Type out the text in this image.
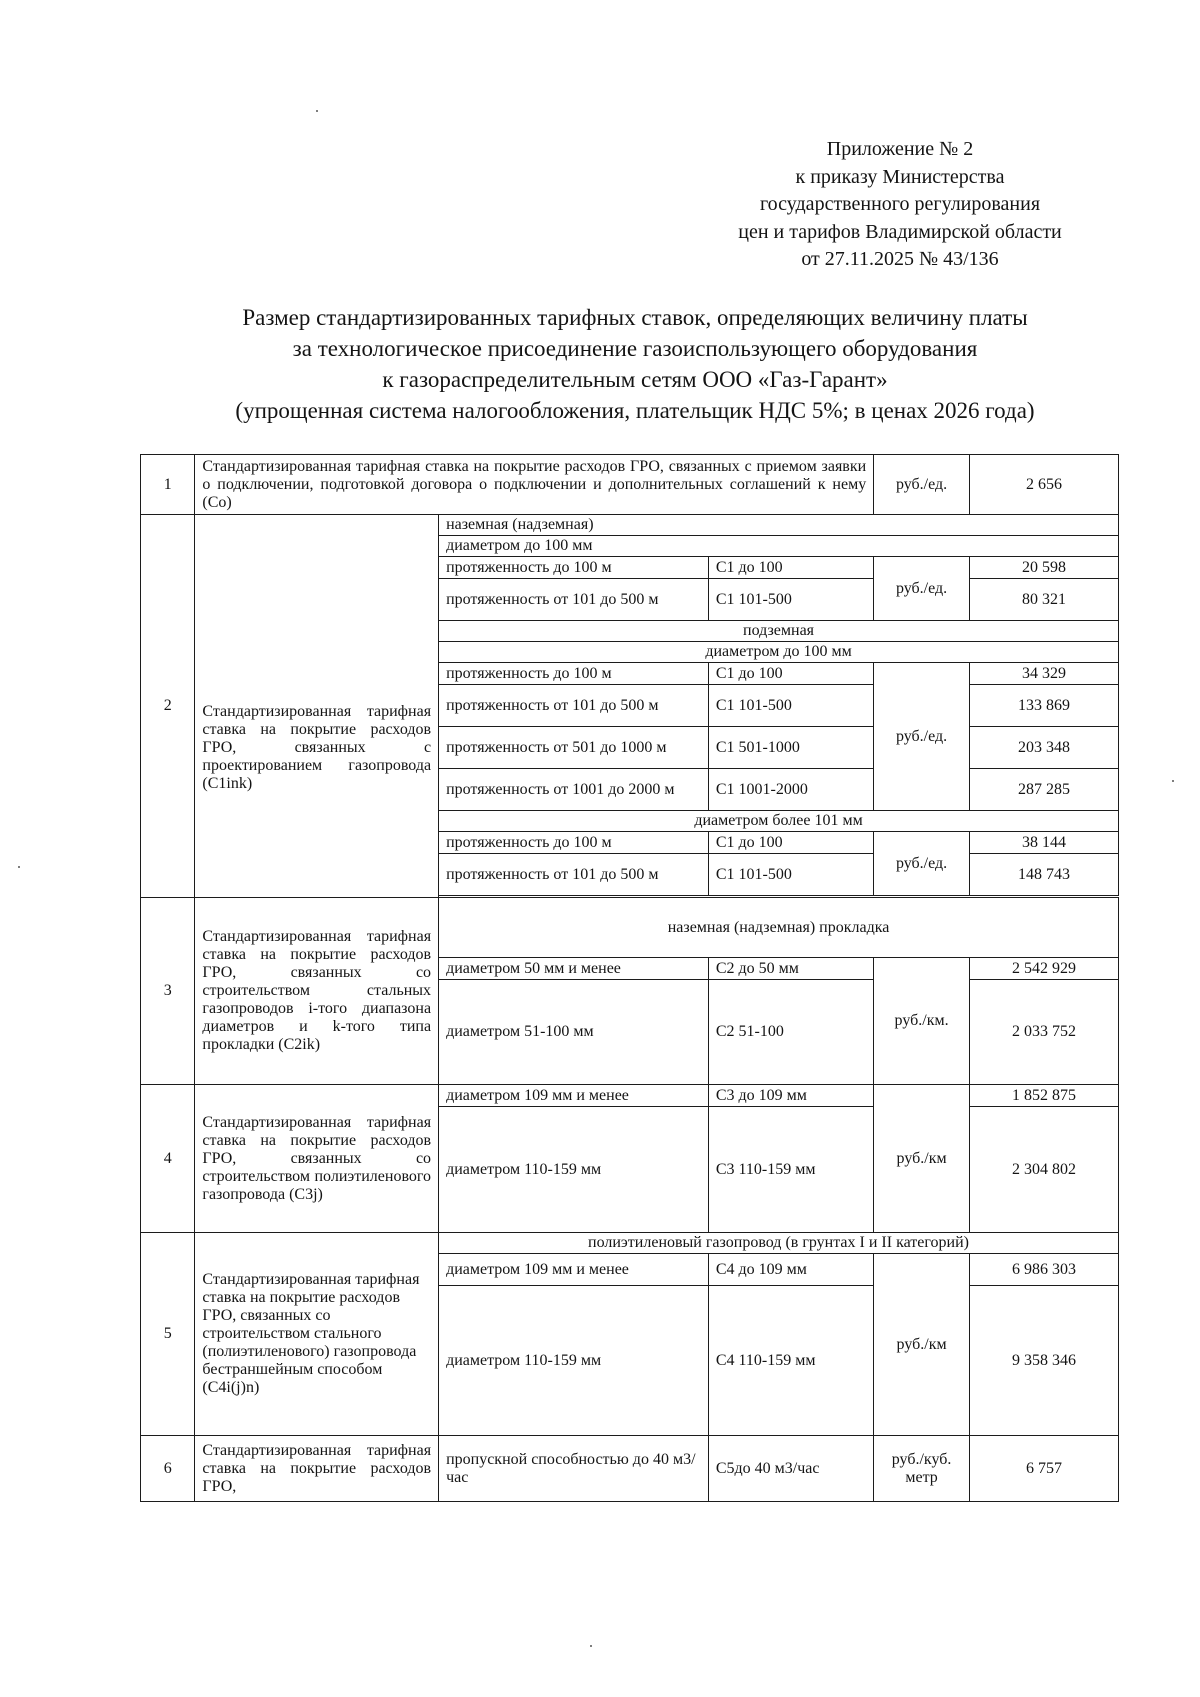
Приложение № 2
к приказу Министерства
государственного регулирования
цен и тарифов Владимирской области
от 27.11.2025 № 43/136
Размер стандартизированных тарифных ставок, определяющих величину платы
за технологическое присоединение газоиспользующего оборудования
к газораспределительным сетям ООО «Газ-Гарант»
(упрощенная система налогообложения, плательщик НДС 5%; в ценах 2026 года)
1	Стандартизированная тарифная ставка на покрытие расходов ГРО, связанных с приемом заявки о подключении, подготовкой договора о подключении и дополнительных соглашений к нему (Со)			руб./ед.	2 656
2	Стандартизированная тарифная ставка на покрытие расходов ГРО, связанных с проектированием газопровода (C1ink)	наземная (надземная)			
		диаметром до 100 мм			
		протяженность до 100 м	С1 до 100	руб./ед.	20 598
		протяженность от 101 до 500 м	С1 101-500		80 321
		подземная			
		диаметром до 100 мм			
		протяженность до 100 м	С1 до 100	руб./ед.	34 329
		протяженность от 101 до 500 м	С1 101-500		133 869
		протяженность от 501 до 1000 м	С1 501-1000		203 348
		протяженность от 1001 до 2000 м	С1 1001-2000		287 285
		диаметром более 101 мм			
		протяженность до 100 м	С1 до 100	руб./ед.	38 144
		протяженность от 101 до 500 м	С1 101-500		148 743

3	Стандартизированная тарифная ставка на покрытие расходов ГРО, связанных со строительством стальных газопроводов i-того диапазона диаметров и k-того типа прокладки (C2ik)	наземная (надземная) прокладка			
		диаметром 50 мм и менее	С2 до 50 мм	руб./км.	2 542 929
		диаметром 51-100 мм	С2 51-100		2 033 752
4	Стандартизированная тарифная ставка на покрытие расходов ГРО, связанных со строительством полиэтиленового газопровода (C3j)	диаметром 109 мм и менее	С3 до 109 мм	руб./км	1 852 875
		диаметром 110-159 мм	С3 110-159 мм		2 304 802
5	Стандартизированная тарифная ставка на покрытие расходов ГРО, связанных со строительством стального (полиэтиленового) газопровода бестраншейным способом (C4i(j)n)	полиэтиленовый газопровод (в грунтах I и II категорий)			
		диаметром 109 мм и менее	С4 до 109 мм	руб./км	6 986 303
		диаметром 110-159 мм	С4 110-159 мм		9 358 346
6	Стандартизированная тарифная ставка на покрытие расходов ГРО,	пропускной способностью до 40 м3/час	С5до 40 м3/час	руб./куб. метр	6 757
